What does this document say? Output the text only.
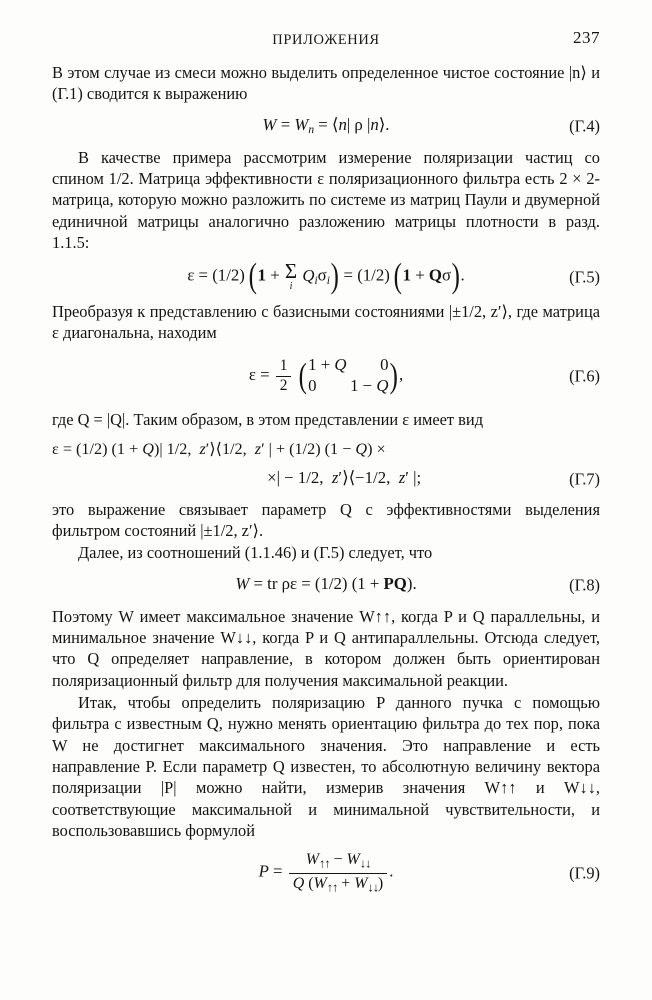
ПРИЛОЖЕНИЯ	237

В этом случае из смеси можно выделить определенное чистое состояние |n⟩ и (Г.1) сводится к выражению

$W = W_n$ = ⟨n| ρ |n⟩.	(Г.4)

В качестве примера рассмотрим измерение поляризации частиц со спином 1/2. Матрица эффективности ε поляризационного фильтра есть 2 × 2-матрица, которую можно разложить по системе из матриц Паули и двумерной единичной матрицы аналогично разложению матрицы плотности в разд. 1.1.5:

ε = (1/2) (1 + Σ
i
$Q_i\sigma_i) = (1/2)$ (1 + Qσ).	(Г.5)

Преобразуя к представлению с базисными состояниями |±1/2, z′⟩, где матрица ε диагональна, находим

$\varepsilon = \frac{1}{2}$ ( 1 + Q  0
0  1 − Q ),	(Г.6)

где Q = |Q|. Таким образом, в этом представлении ε имеет вид

ε = (1/2) (1 + Q)| 1/2,  z′⟩⟨1/2,  z′ | + (1/2) (1 − Q) ×
×| − 1/2,  z′⟩⟨−1/2,  z′ |;	(Г.7)

это выражение связывает параметр Q с эффективностями выделения фильтром состояний |±1/2, z′⟩.

Далее, из соотношений (1.1.46) и (Г.5) следует, что

W = tr ρε = (1/2) (1 + PQ).	(Г.8)

Поэтому W имеет максимальное значение W↑↑, когда P и Q параллельны, и минимальное значение W↓↓, когда P и Q антипараллельны. Отсюда следует, что Q определяет направление, в котором должен быть ориентирован поляризационный фильтр для получения максимальной реакции.

Итак, чтобы определить поляризацию P данного пучка с помощью фильтра с известным Q, нужно менять ориентацию фильтра до тех пор, пока W не достигнет максимального значения. Это направление и есть направление P. Если параметр Q известен, то абсолютную величину вектора поляризации |P| можно найти, измерив значения W↑↑ и W↓↓, соответствующие максимальной и минимальной чувствительности, и воспользовавшись формулой

$P = \frac{W_{↑↑} - W_{↓↓}}{Q (W_{↑↑} + W_{↓↓})}$ .	(Г.9)
